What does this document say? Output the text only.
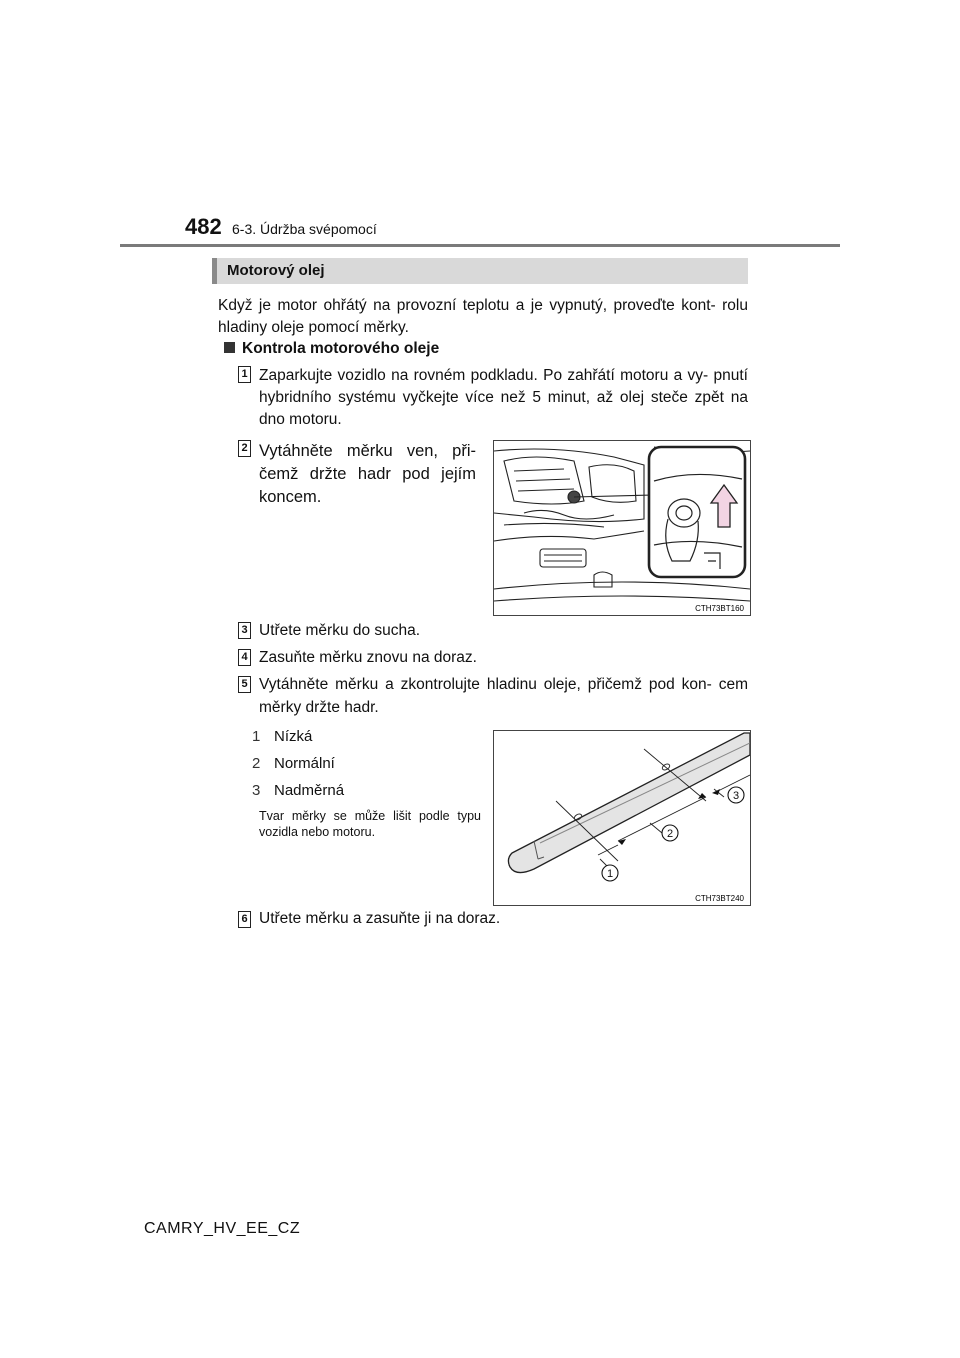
482 6-3. Údržba svépomocí
Motorový olej
Když je motor ohřátý na provozní teplotu a je vypnutý, proveďte kont- rolu hladiny oleje pomocí měrky.
Kontrola motorového oleje
1 Zaparkujte vozidlo na rovném podkladu. Po zahřátí motoru a vy- pnutí hybridního systému vyčkejte více než 5 minut, až olej steče zpět na dno motoru.
2 Vytáhněte měrku ven, při- čemž držte hadr pod jejím koncem.
CTH73BT160
3 Utřete měrku do sucha.
4 Zasuňte měrku znovu na doraz.
5 Vytáhněte měrku a zkontrolujte hladinu oleje, přičemž pod kon- cem měrky držte hadr.
1 Nízká
2 Normální
3 Nadměrná
Tvar měrky se může lišit podle typu vozidla nebo motoru.
1
2
3
CTH73BT240
6 Utřete měrku a zasuňte ji na doraz.
CAMRY_HV_EE_CZ
